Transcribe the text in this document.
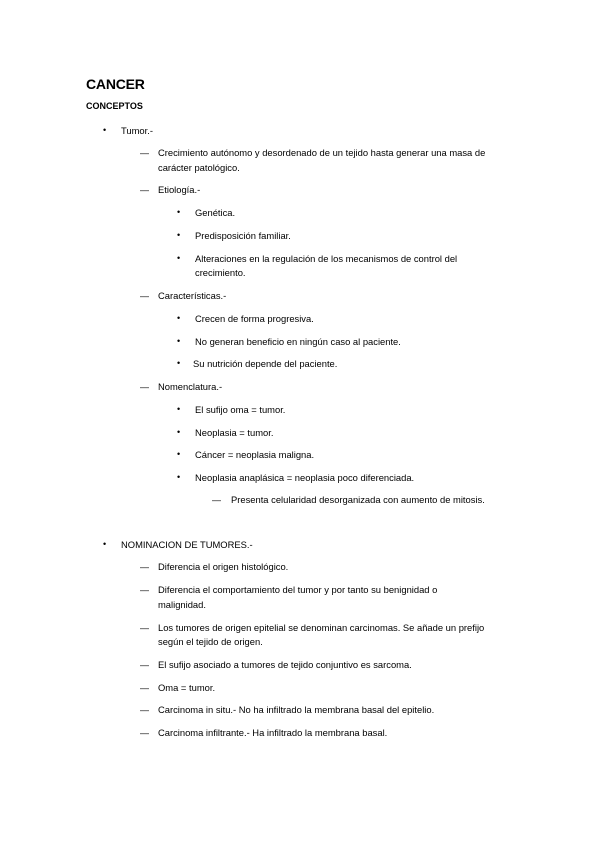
CANCER
CONCEPTOS
• Tumor.-
— Crecimiento autónomo y desordenado de un tejido hasta generar una masa de
carácter patológico.
— Etiología.-
• Genética.
• Predisposición familiar.
• Alteraciones en la regulación de los mecanismos de control del
crecimiento.
— Características.-
• Crecen de forma progresiva.
• No generan beneficio en ningún caso al paciente.
• Su nutrición depende del paciente.
— Nomenclatura.-
• El sufijo oma = tumor.
• Neoplasia = tumor.
• Cáncer = neoplasia maligna.
• Neoplasia anaplásica = neoplasia poco diferenciada.
— Presenta celularidad desorganizada con aumento de mitosis.
• NOMINACION DE TUMORES.-
— Diferencia el origen histológico.
— Diferencia el comportamiento del tumor y por tanto su benignidad o
malignidad.
— Los tumores de origen epitelial se denominan carcinomas. Se añade un prefijo
según el tejido de origen.
— El sufijo asociado a tumores de tejido conjuntivo es sarcoma.
— Oma = tumor.
— Carcinoma in situ.- No ha infiltrado la membrana basal del epitelio.
— Carcinoma infiltrante.- Ha infiltrado la membrana basal.
